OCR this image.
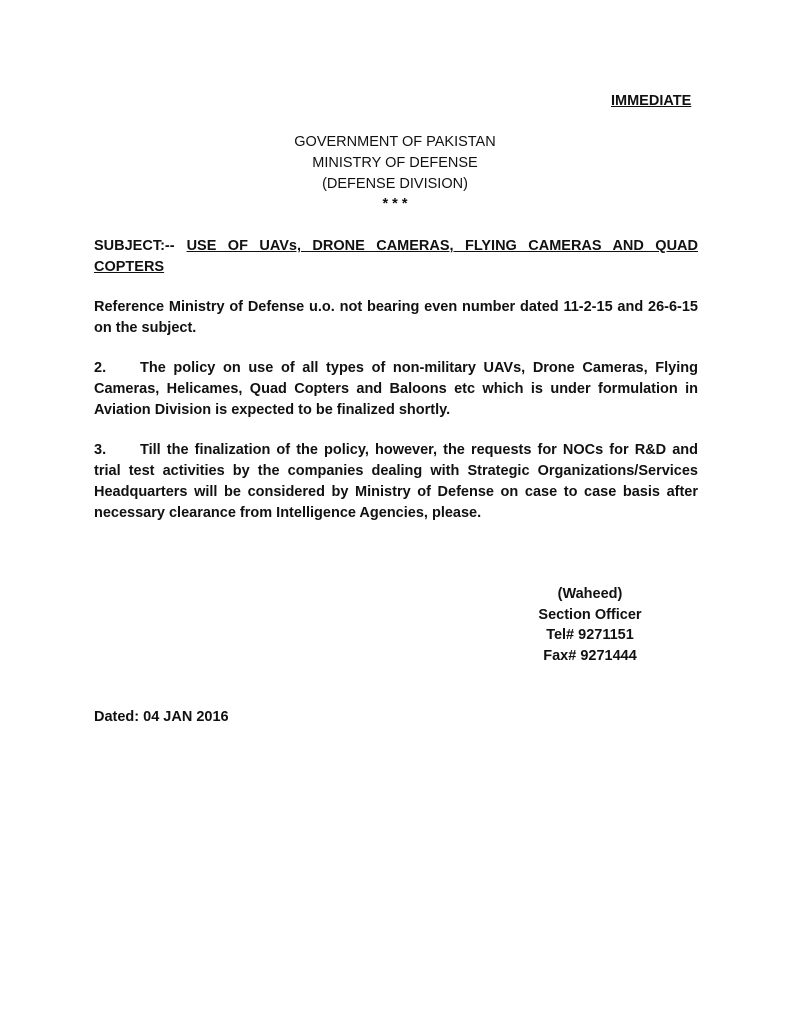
IMMEDIATE
GOVERNMENT OF PAKISTAN
MINISTRY OF DEFENSE
(DEFENSE DIVISION)
* * *
SUBJECT:-- USE OF UAVs, DRONE CAMERAS, FLYING CAMERAS AND QUAD COPTERS
Reference Ministry of Defense u.o. not bearing even number dated 11-2-15 and 26-6-15 on the subject.
2. The policy on use of all types of non-military UAVs, Drone Cameras, Flying Cameras, Helicames, Quad Copters and Baloons etc which is under formulation in Aviation Division is expected to be finalized shortly.
3. Till the finalization of the policy, however, the requests for NOCs for R&D and trial test activities by the companies dealing with Strategic Organizations/Services Headquarters will be considered by Ministry of Defense on case to case basis after necessary clearance from Intelligence Agencies, please.
(Waheed)
Section Officer
Tel# 9271151
Fax# 9271444
Dated: 04 JAN 2016
